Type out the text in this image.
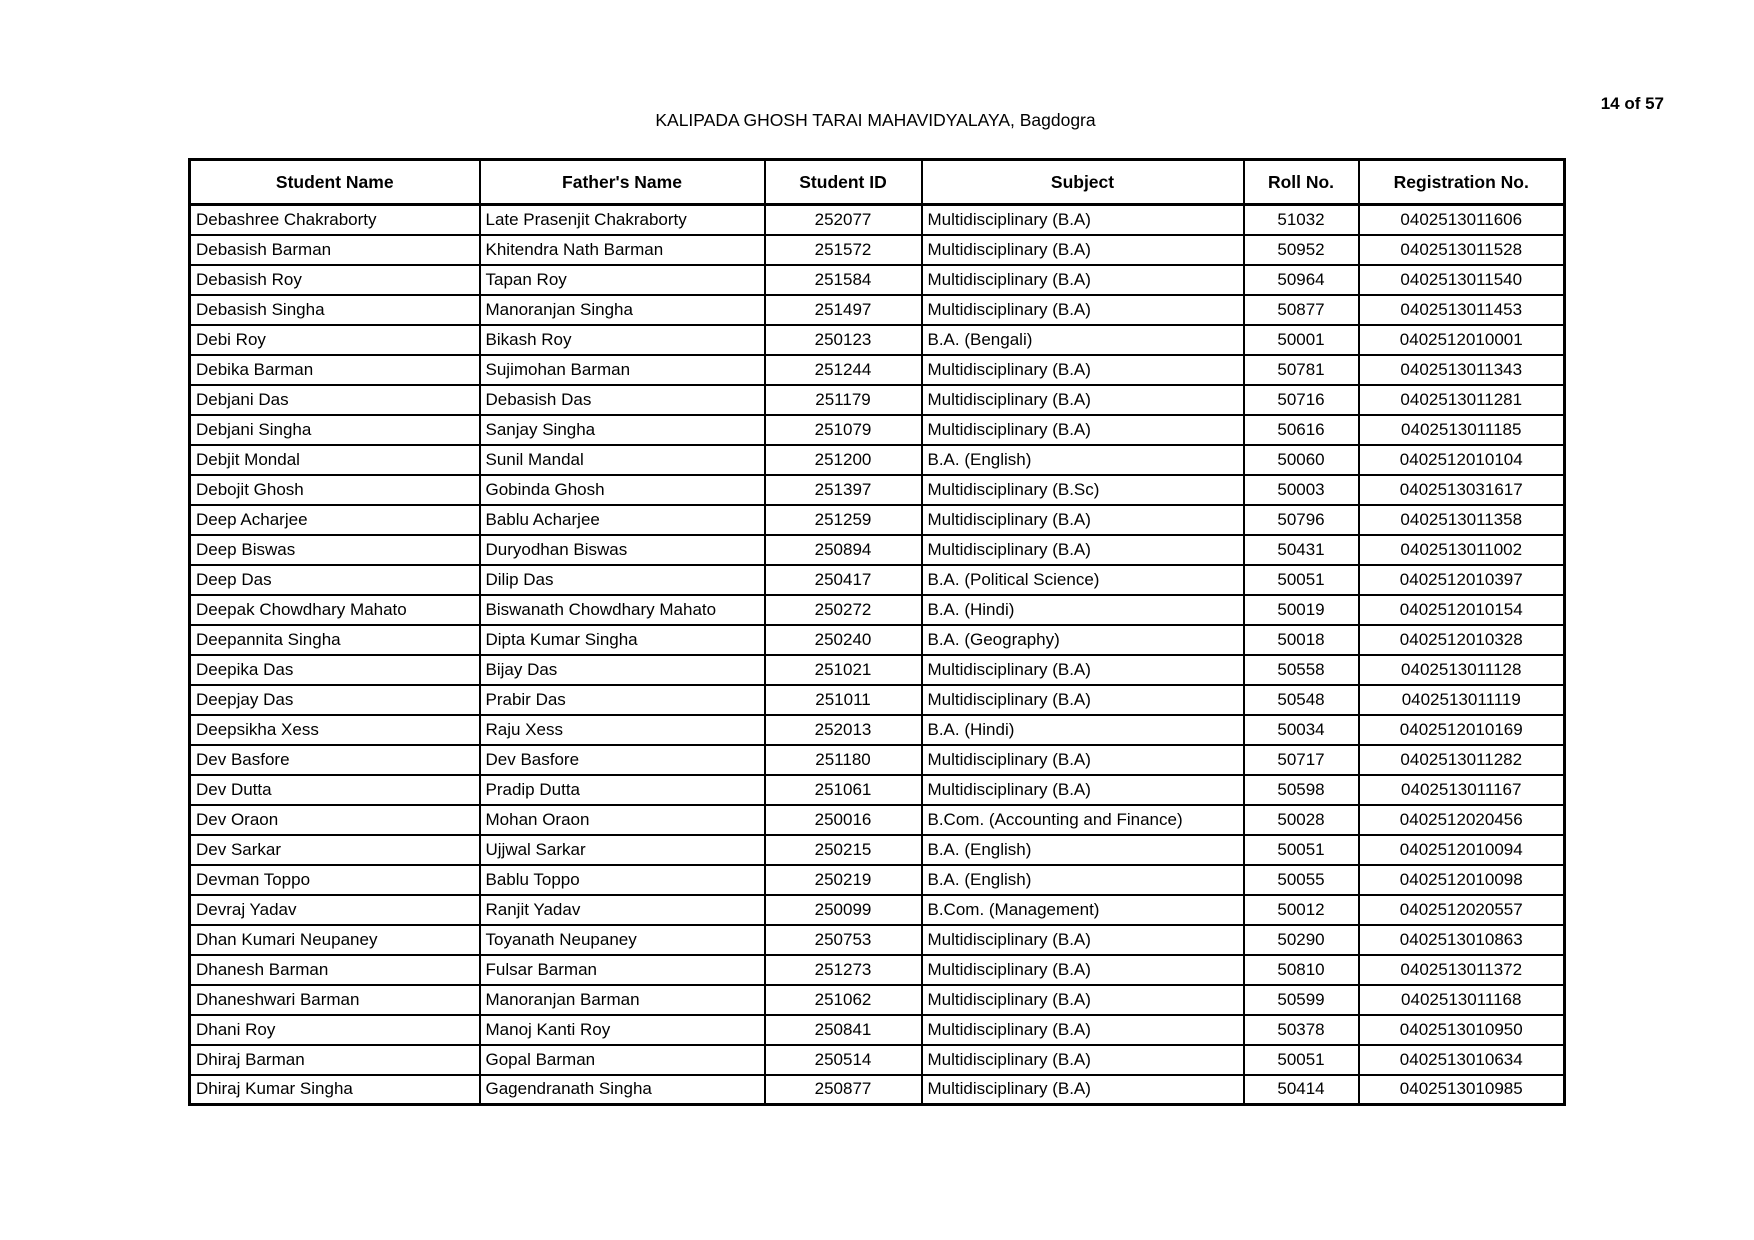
14 of 57
KALIPADA GHOSH TARAI MAHAVIDYALAYA, Bagdogra
Student Name	Father's Name	Student ID	Subject	Roll No.	Registration No.
Debashree Chakraborty	Late Prasenjit Chakraborty	252077	Multidisciplinary (B.A)	51032	0402513011606
Debasish Barman	Khitendra Nath Barman	251572	Multidisciplinary (B.A)	50952	0402513011528
Debasish Roy	Tapan Roy	251584	Multidisciplinary (B.A)	50964	0402513011540
Debasish Singha	Manoranjan Singha	251497	Multidisciplinary (B.A)	50877	0402513011453
Debi Roy	Bikash Roy	250123	B.A. (Bengali)	50001	0402512010001
Debika Barman	Sujimohan Barman	251244	Multidisciplinary (B.A)	50781	0402513011343
Debjani Das	Debasish Das	251179	Multidisciplinary (B.A)	50716	0402513011281
Debjani Singha	Sanjay Singha	251079	Multidisciplinary (B.A)	50616	0402513011185
Debjit Mondal	Sunil Mandal	251200	B.A. (English)	50060	0402512010104
Debojit Ghosh	Gobinda Ghosh	251397	Multidisciplinary (B.Sc)	50003	0402513031617
Deep Acharjee	Bablu Acharjee	251259	Multidisciplinary (B.A)	50796	0402513011358
Deep Biswas	Duryodhan Biswas	250894	Multidisciplinary (B.A)	50431	0402513011002
Deep Das	Dilip Das	250417	B.A. (Political Science)	50051	0402512010397
Deepak Chowdhary Mahato	Biswanath Chowdhary Mahato	250272	B.A. (Hindi)	50019	0402512010154
Deepannita Singha	Dipta Kumar Singha	250240	B.A. (Geography)	50018	0402512010328
Deepika Das	Bijay Das	251021	Multidisciplinary (B.A)	50558	0402513011128
Deepjay Das	Prabir Das	251011	Multidisciplinary (B.A)	50548	0402513011119
Deepsikha Xess	Raju Xess	252013	B.A. (Hindi)	50034	0402512010169
Dev Basfore	Dev Basfore	251180	Multidisciplinary (B.A)	50717	0402513011282
Dev Dutta	Pradip Dutta	251061	Multidisciplinary (B.A)	50598	0402513011167
Dev Oraon	Mohan Oraon	250016	B.Com. (Accounting and Finance)	50028	0402512020456
Dev Sarkar	Ujjwal Sarkar	250215	B.A. (English)	50051	0402512010094
Devman Toppo	Bablu Toppo	250219	B.A. (English)	50055	0402512010098
Devraj Yadav	Ranjit Yadav	250099	B.Com. (Management)	50012	0402512020557
Dhan Kumari Neupaney	Toyanath Neupaney	250753	Multidisciplinary (B.A)	50290	0402513010863
Dhanesh Barman	Fulsar Barman	251273	Multidisciplinary (B.A)	50810	0402513011372
Dhaneshwari Barman	Manoranjan Barman	251062	Multidisciplinary (B.A)	50599	0402513011168
Dhani Roy	Manoj Kanti Roy	250841	Multidisciplinary (B.A)	50378	0402513010950
Dhiraj Barman	Gopal Barman	250514	Multidisciplinary (B.A)	50051	0402513010634
Dhiraj Kumar Singha	Gagendranath Singha	250877	Multidisciplinary (B.A)	50414	0402513010985
